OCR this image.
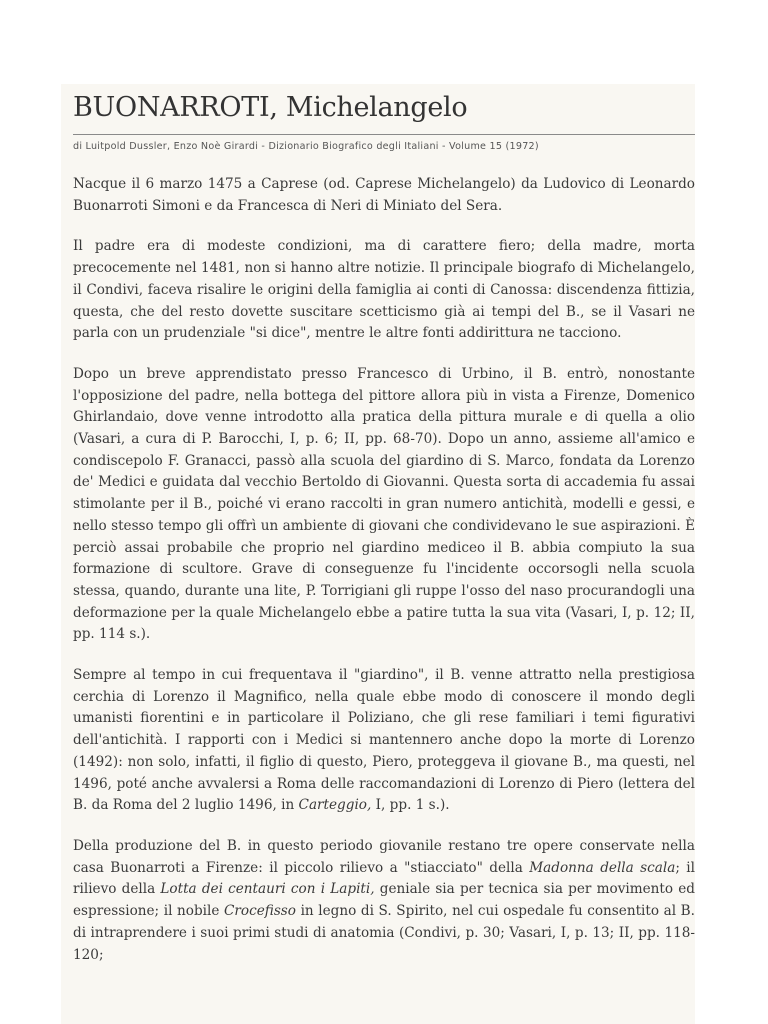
BUONARROTI, Michelangelo

di Luitpold Dussler, Enzo Noè Girardi - Dizionario Biografico degli Italiani - Volume 15 (1972)

Nacque il 6 marzo 1475 a Caprese (od. Caprese Michelangelo) da Ludovico di Leonardo Buonarroti Simoni e da Francesca di Neri di Miniato del Sera.

Il padre era di modeste condizioni, ma di carattere fiero; della madre, morta precocemente nel 1481, non si hanno altre notizie. Il principale biografo di Michelangelo, il Condivi, faceva risalire le origini della famiglia ai conti di Canossa: discendenza fittizia, questa, che del resto dovette suscitare scetticismo già ai tempi del B., se il Vasari ne parla con un prudenziale "si dice", mentre le altre fonti addirittura ne tacciono.

Dopo un breve apprendistato presso Francesco di Urbino, il B. entrò, nonostante l'opposizione del padre, nella bottega del pittore allora più in vista a Firenze, Domenico Ghirlandaio, dove venne introdotto alla pratica della pittura murale e di quella a olio (Vasari, a cura di P. Barocchi, I, p. 6; II, pp. 68-70). Dopo un anno, assieme all'amico e condiscepolo F. Granacci, passò alla scuola del giardino di S. Marco, fondata da Lorenzo de' Medici e guidata dal vecchio Bertoldo di Giovanni. Questa sorta di accademia fu assai stimolante per il B., poiché vi erano raccolti in gran numero antichità, modelli e gessi, e nello stesso tempo gli offrì un ambiente di giovani che condividevano le sue aspirazioni. È perciò assai probabile che proprio nel giardino mediceo il B. abbia compiuto la sua formazione di scultore. Grave di conseguenze fu l'incidente occorsogli nella scuola stessa, quando, durante una lite, P. Torrigiani gli ruppe l'osso del naso procurandogli una deformazione per la quale Michelangelo ebbe a patire tutta la sua vita (Vasari, I, p. 12; II, pp. 114 s.).

Sempre al tempo in cui frequentava il "giardino", il B. venne attratto nella prestigiosa cerchia di Lorenzo il Magnifico, nella quale ebbe modo di conoscere il mondo degli umanisti fiorentini e in particolare il Poliziano, che gli rese familiari i temi figurativi dell'antichità. I rapporti con i Medici si mantennero anche dopo la morte di Lorenzo (1492): non solo, infatti, il figlio di questo, Piero, proteggeva il giovane B., ma questi, nel 1496, poté anche avvalersi a Roma delle raccomandazioni di Lorenzo di Piero (lettera del B. da Roma del 2 luglio 1496, in Carteggio, I, pp. 1 s.).

Della produzione del B. in questo periodo giovanile restano tre opere conservate nella casa Buonarroti a Firenze: il piccolo rilievo a "stiacciato" della Madonna della scala; il rilievo della Lotta dei centauri con i Lapiti, geniale sia per tecnica sia per movimento ed espressione; il nobile Crocefisso in legno di S. Spirito, nel cui ospedale fu consentito al B. di intraprendere i suoi primi studi di anatomia (Condivi, p. 30; Vasari, I, p. 13; II, pp. 118-120;
